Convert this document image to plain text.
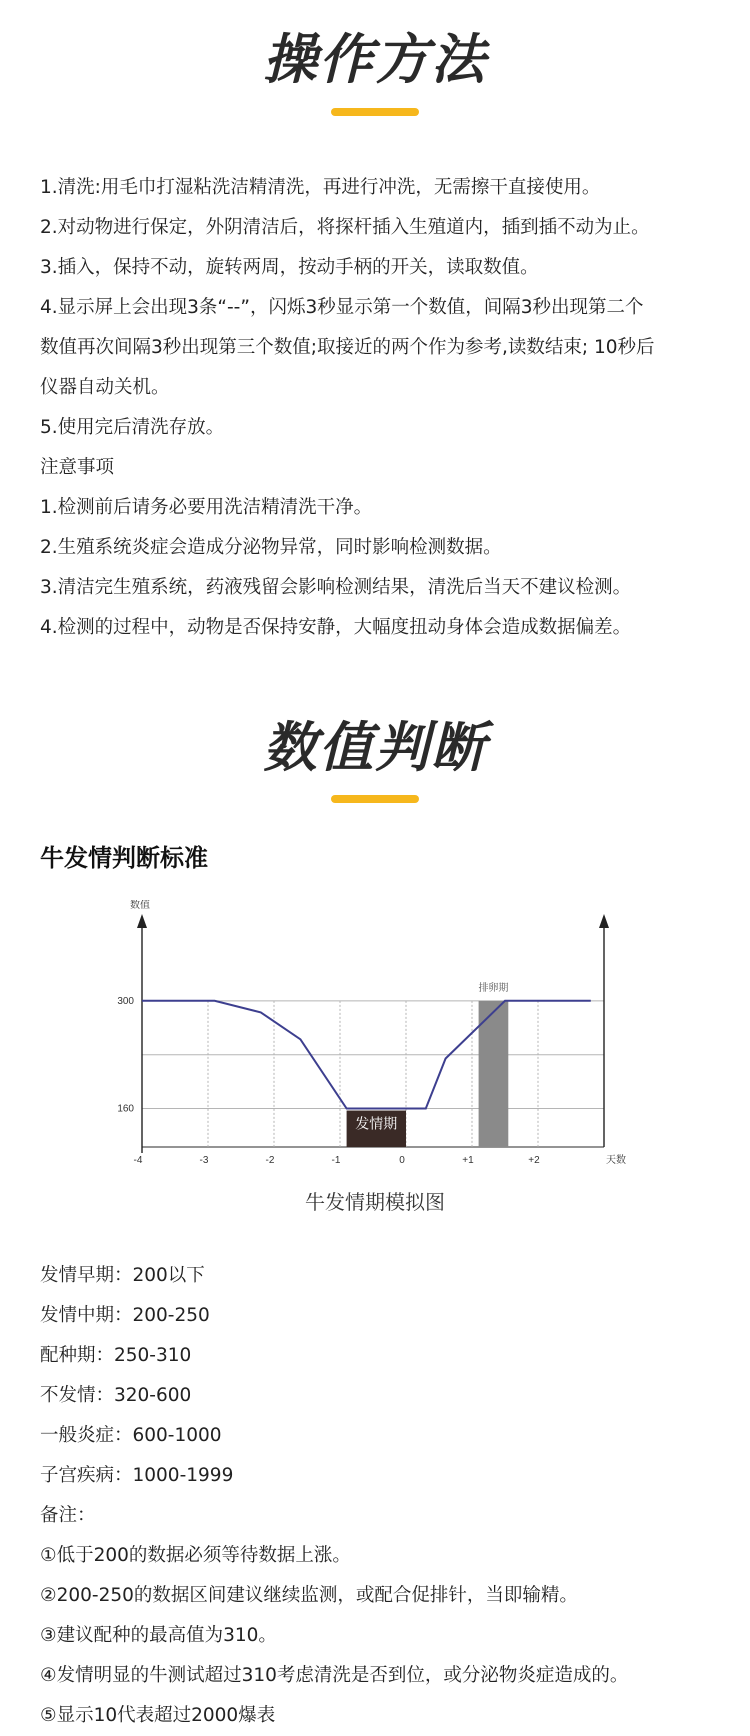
操作方法
1.清洗:用毛巾打湿粘洗洁精清洗，再进行冲洗，无需擦干直接使用。
2.对动物进行保定，外阴清洁后，将探杆插入生殖道内，插到插不动为止。
3.插入，保持不动，旋转两周，按动手柄的开关，读取数值。
4.显示屏上会出现3条“--”，闪烁3秒显示第一个数值，间隔3秒出现第二个
数值再次间隔3秒出现第三个数值;取接近的两个作为参考,读数结束; 10秒后
仪器自动关机。
5.使用完后清洗存放。
注意事项
1.检测前后请务必要用洗洁精清洗干净。
2.生殖系统炎症会造成分泌物异常，同时影响检测数据。
3.清洁完生殖系统，药液残留会影响检测结果，清洗后当天不建议检测。
4.检测的过程中，动物是否保持安静，大幅度扭动身体会造成数据偏差。
数值判断
牛发情判断标准
排卵期
数值
300
160
-4	-3	-2	-1	0	+1	+2	天数
发情期
牛发情期模拟图
发情早期：200以下
发情中期：200-250
配种期：250-310
不发情：320-600
一般炎症：600-1000
子宫疾病：1000-1999
备注：
①低于200的数据必须等待数据上涨。
②200-250的数据区间建议继续监测，或配合促排针，当即输精。
③建议配种的最高值为310。
④发情明显的牛测试超过310考虑清洗是否到位，或分泌物炎症造成的。
⑤显示10代表超过2000爆表
